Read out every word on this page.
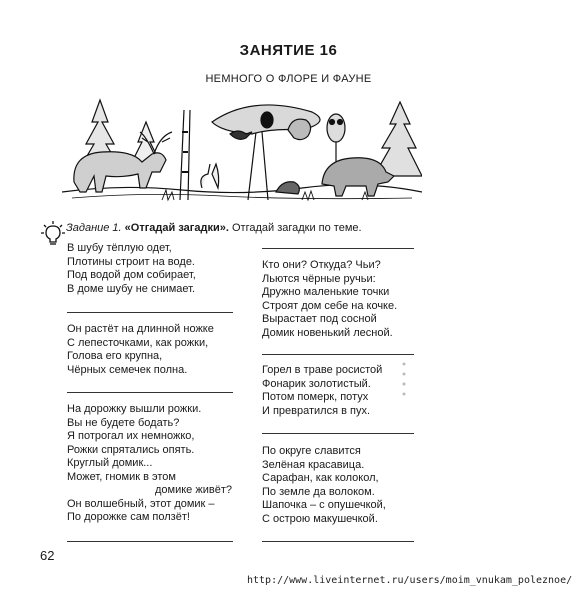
ЗАНЯТИЕ 16
НЕМНОГО О ФЛОРЕ И ФАУНЕ
Задание 1. «Отгадай загадки». Отгадай загадки по теме.
В шубу тёплую одет,
Плотины строит на воде.
Под водой дом собирает,
В доме шубу не снимает.
Он растёт на длинной ножке
С лепесточками, как рожки,
Голова его крупна,
Чёрных семечек полна.
На дорожку вышли рожки.
Вы не будете бодать?
Я потрогал их немножко,
Рожки спрятались опять.
Круглый домик...
Может, гномик в этом
домике живёт?
Он волшебный, этот домик –
По дорожке сам ползёт!
Кто они? Откуда? Чьи?
Льются чёрные ручьи:
Дружно маленькие точки
Строят дом себе на кочке.
Вырастает под сосной
Домик новенький лесной.
Горел в траве росистой
Фонарик золотистый.
Потом померк, потух
И превратился в пух.
По округе славится
Зелёная красавица.
Сарафан, как колокол,
По земле да волоком.
Шапочка – с опушечкой,
С острою макушечкой.
62
http://www.liveinternet.ru/users/moim_vnukam_poleznoe/
